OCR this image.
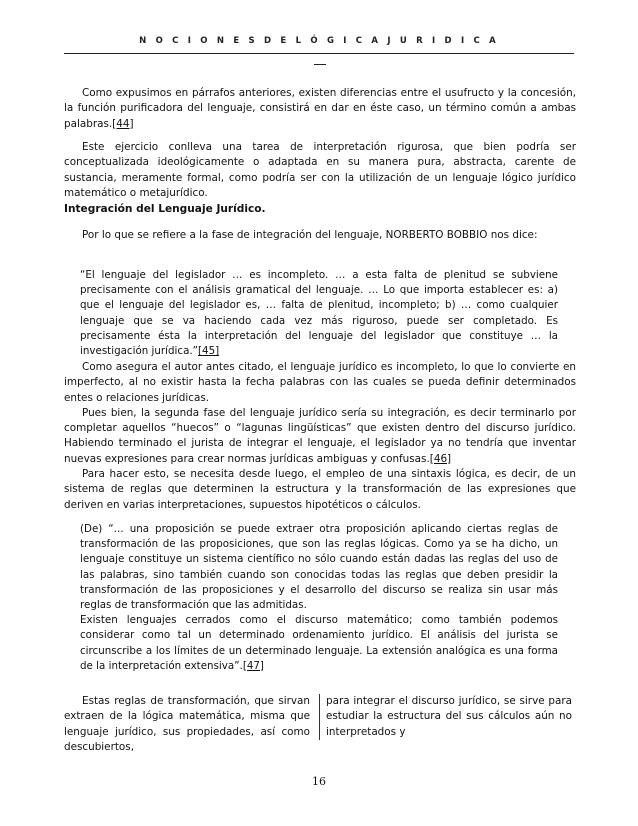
N O C I O N E S D E L Ó G I C A J U R I D I C A

Como expusimos en párrafos anteriores, existen diferencias entre el usufructo y la concesión, la función purificadora del lenguaje, consistirá en dar en éste caso, un término común a ambas palabras.[44]

Este ejercicio conlleva una tarea de interpretación rigurosa, que bien podría ser conceptualizada ideológicamente o adaptada en su manera pura, abstracta, carente de sustancia, meramente formal, como podría ser con la utilización de un lenguaje lógico jurídico matemático o metajurídico.

Integración del Lenguaje Jurídico.

Por lo que se refiere a la fase de integración del lenguaje, NORBERTO BOBBIO nos dice:

“El lenguaje del legislador … es incompleto. … a esta falta de plenitud se subviene precisamente con el análisis gramatical del lenguaje. … Lo que importa establecer es: a) que el lenguaje del legislador es, … falta de plenitud, incompleto; b) … como cualquier lenguaje que se va haciendo cada vez más riguroso, puede ser completado. Es precisamente ésta la interpretación del lenguaje del legislador que constituye … la investigación jurídica.”[45]

Como asegura el autor antes citado, el lenguaje jurídico es incompleto, lo que lo convierte en imperfecto, al no existir hasta la fecha palabras con las cuales se pueda definir determinados entes o relaciones jurídicas.

Pues bien, la segunda fase del lenguaje jurídico sería su integración, es decir terminarlo por completar aquellos “huecos” o “lagunas lingüísticas” que existen dentro del discurso jurídico. Habiendo terminado el jurista de integrar el lenguaje, el legislador ya no tendría que inventar nuevas expresiones para crear normas jurídicas ambiguas y confusas.[46]

Para hacer esto, se necesita desde luego, el empleo de una sintaxis lógica, es decir, de un sistema de reglas que determinen la estructura y la transformación de las expresiones que deriven en varias interpretaciones, supuestos hipotéticos o cálculos.

(De) “… una proposición se puede extraer otra proposición aplicando ciertas reglas de transformación de las proposiciones, que son las reglas lógicas. Como ya se ha dicho, un lenguaje constituye un sistema científico no sólo cuando están dadas las reglas del uso de las palabras, sino también cuando son conocidas todas las reglas que deben presidir la transformación de las proposiciones y el desarrollo del discurso se realiza sin usar más reglas de transformación que las admitidas.

Existen lenguajes cerrados como el discurso matemático; como también podemos considerar como tal un determinado ordenamiento jurídico. El análisis del jurista se circunscribe a los límites de un determinado lenguaje. La extensión analógica es una forma de la interpretación extensiva”.[47]

Estas reglas de transformación, que sirvan extraen de la lógica matemática, misma que lenguaje jurídico, sus propiedades, así como descubiertos,
para integrar el discurso jurídico, se sirve para estudiar la estructura del sus cálculos aún no interpretados y
16
